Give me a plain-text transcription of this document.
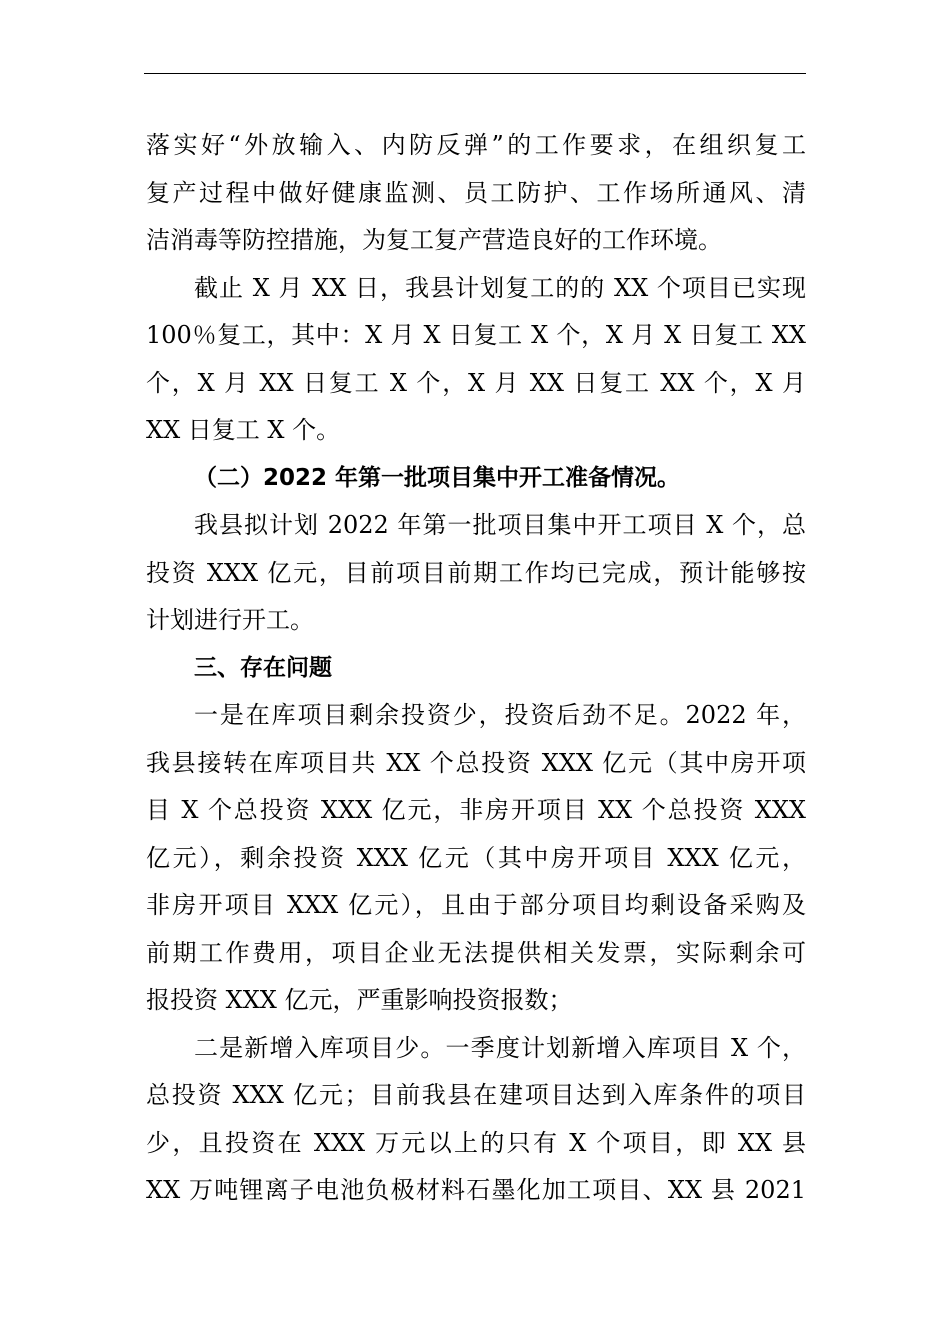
落实好“外放输入、内防反弹”的工作要求，在组织复工
复产过程中做好健康监测、员工防护、工作场所通风、清
洁消毒等防控措施，为复工复产营造良好的工作环境。
截止 X 月 XX 日，我县计划复工的的 XX 个项目已实现
100％复工，其中：X 月 X 日复工 X 个，X 月 X 日复工 XX
个，X 月 XX 日复工 X 个，X 月 XX 日复工 XX 个，X 月
XX 日复工 X 个。
（二）2022 年第一批项目集中开工准备情况。
我县拟计划 2022 年第一批项目集中开工项目 X 个，总
投资 XXX 亿元，目前项目前期工作均已完成，预计能够按
计划进行开工。
三、存在问题
一是在库项目剩余投资少，投资后劲不足。2022 年，
我县接转在库项目共 XX 个总投资 XXX 亿元（其中房开项
目 X 个总投资 XXX 亿元，非房开项目 XX 个总投资 XXX
亿元），剩余投资 XXX 亿元（其中房开项目 XXX 亿元，
非房开项目 XXX 亿元），且由于部分项目均剩设备采购及
前期工作费用，项目企业无法提供相关发票，实际剩余可
报投资 XXX 亿元，严重影响投资报数；
二是新增入库项目少。一季度计划新增入库项目 X 个，
总投资 XXX 亿元；目前我县在建项目达到入库条件的项目
少，且投资在 XXX 万元以上的只有 X 个项目，即 XX 县
XX 万吨锂离子电池负极材料石墨化加工项目、XX 县 2021
